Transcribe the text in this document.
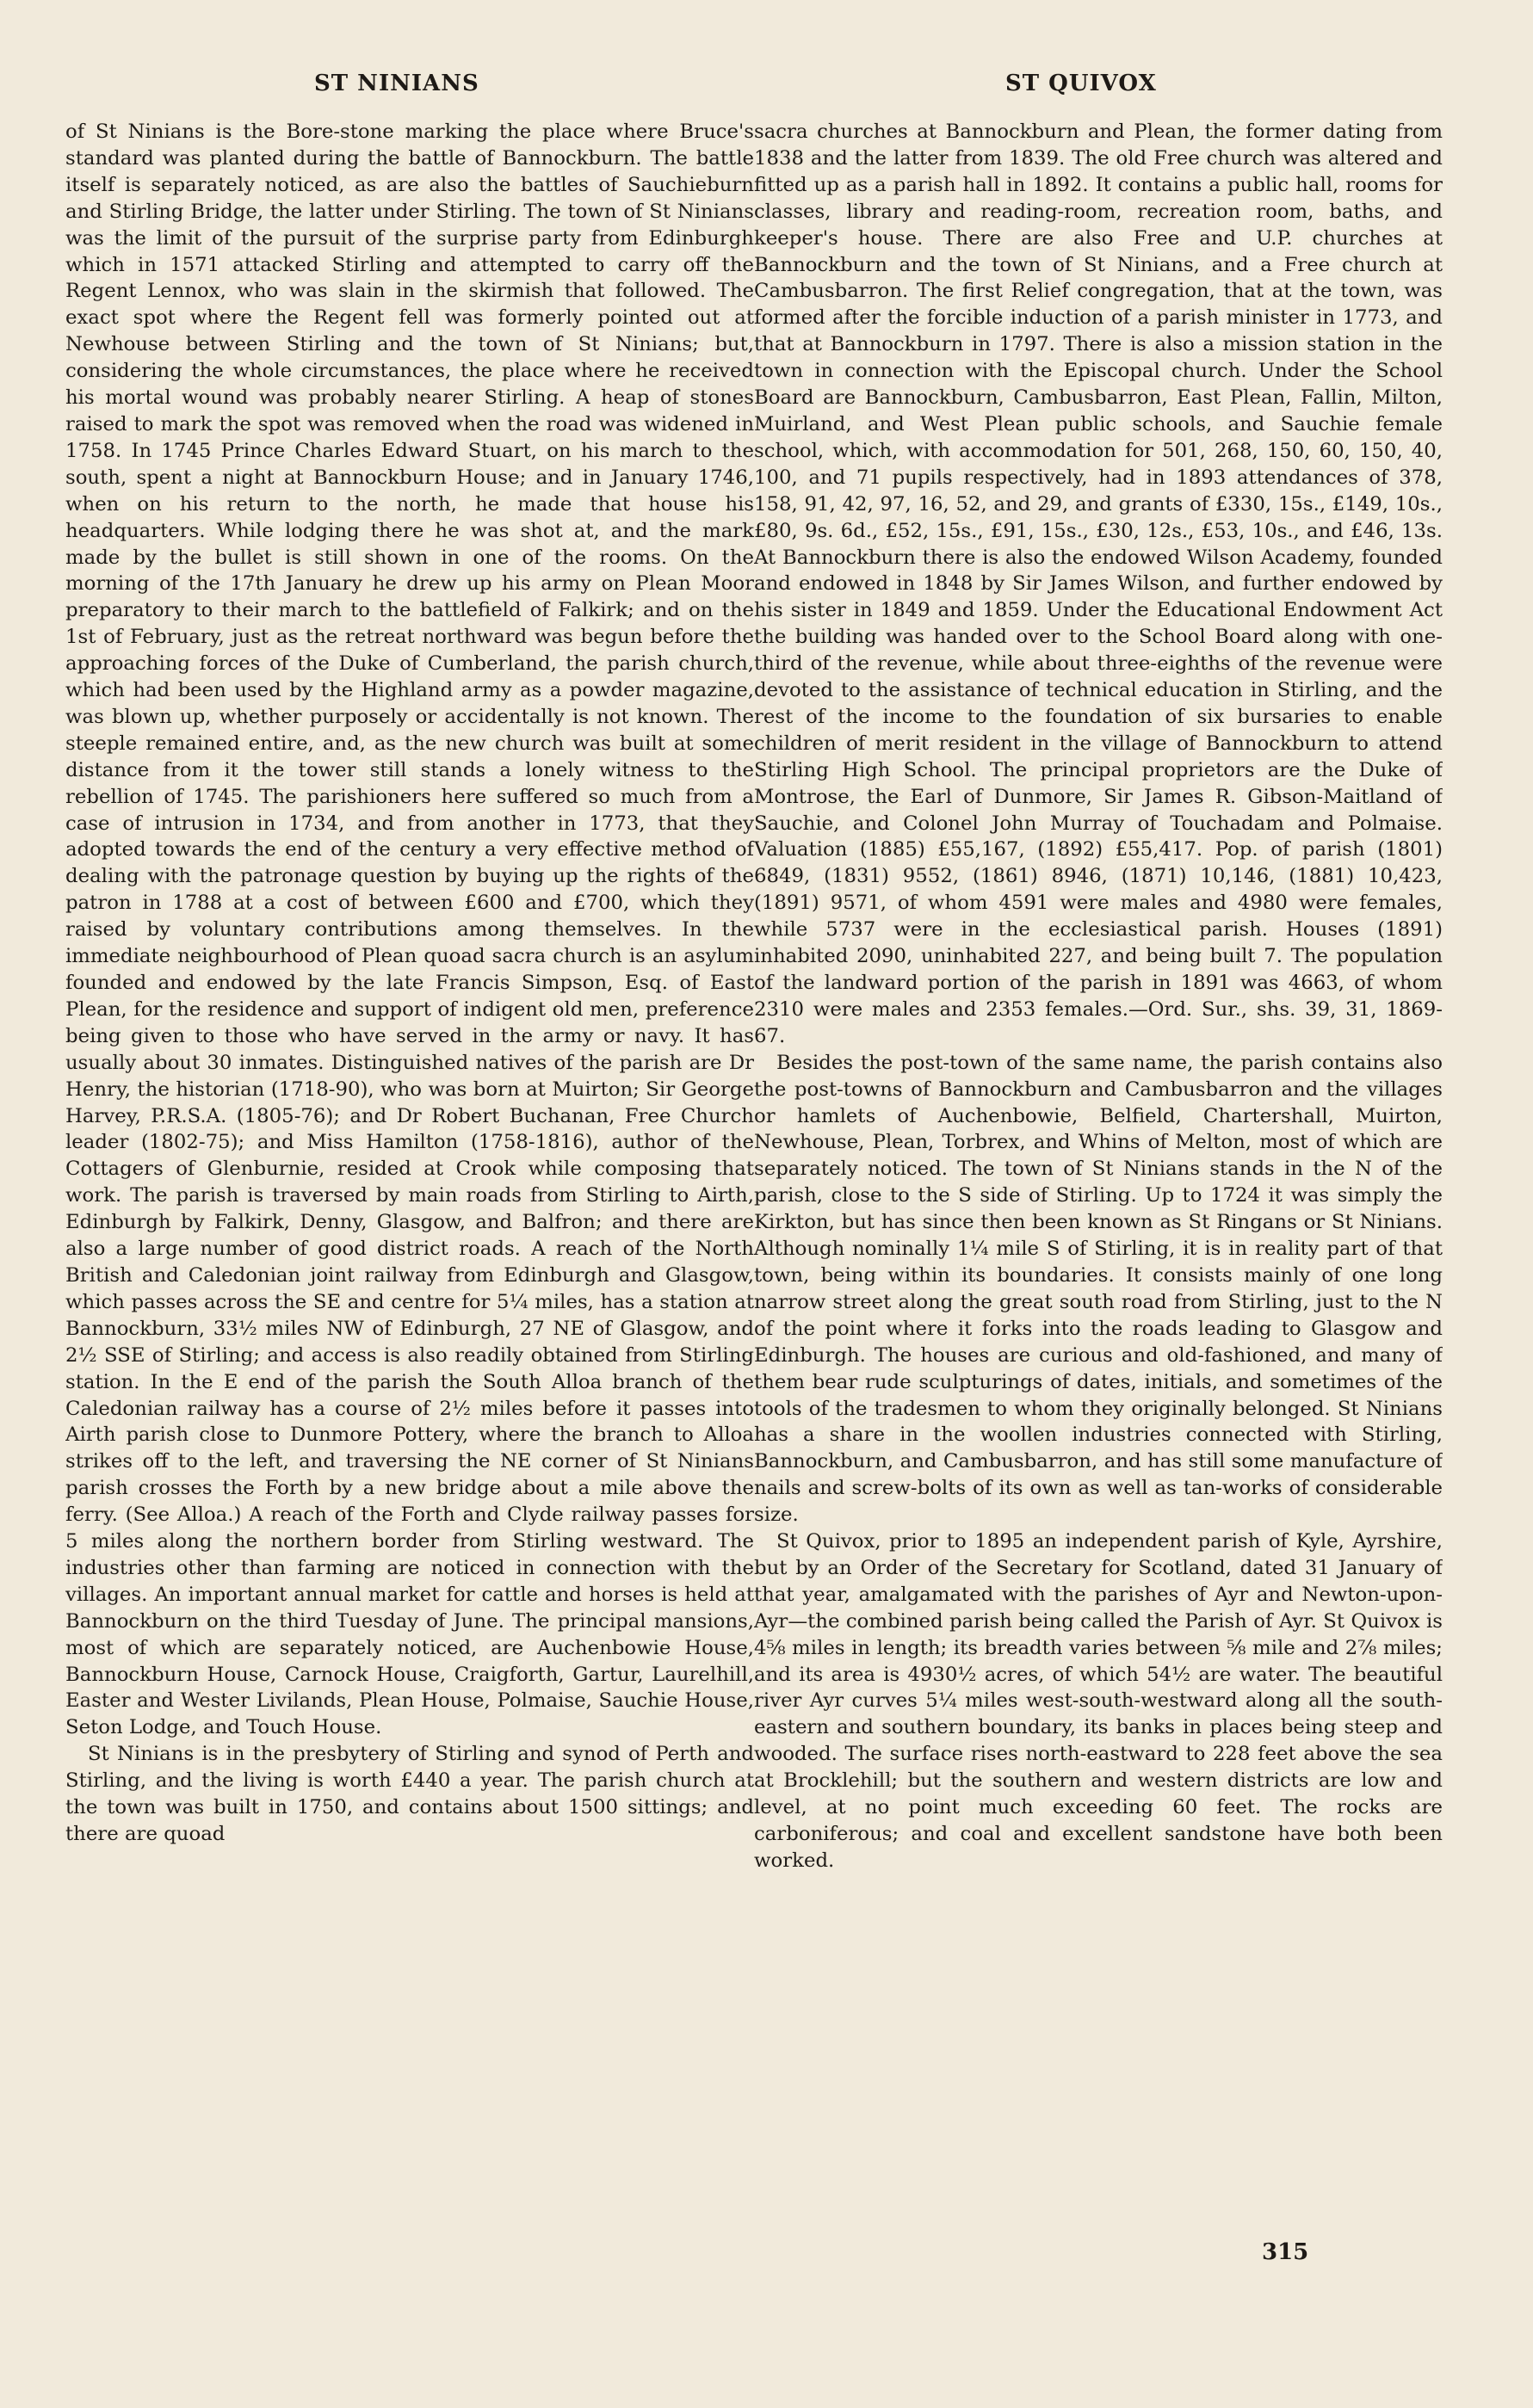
ST NINIANS	ST QUIVOX

of St Ninians is the Bore-stone marking the place where Bruce's standard was planted during the battle of Bannockburn. The battle itself is separately noticed, as are also the battles of Sauchieburn and Stirling Bridge, the latter under Stirling. The town of St Ninians was the limit of the pursuit of the surprise party from Edinburgh which in 1571 attacked Stirling and attempted to carry off the Regent Lennox, who was slain in the skirmish that followed. The exact spot where the Regent fell was formerly pointed out at Newhouse between Stirling and the town of St Ninians; but, considering the whole circumstances, the place where he received his mortal wound was probably nearer Stirling. A heap of stones raised to mark the spot was removed when the road was widened in 1758. In 1745 Prince Charles Edward Stuart, on his march to the south, spent a night at Bannockburn House; and in January 1746, when on his return to the north, he made that house his headquarters. While lodging there he was shot at, and the mark made by the bullet is still shown in one of the rooms. On the morning of the 17th January he drew up his army on Plean Moor preparatory to their march to the battlefield of Falkirk; and on the 1st of February, just as the retreat northward was begun before the approaching forces of the Duke of Cumberland, the parish church, which had been used by the Highland army as a powder magazine, was blown up, whether purposely or accidentally is not known. The steeple remained entire, and, as the new church was built at some distance from it the tower still stands a lonely witness to the rebellion of 1745. The parishioners here suffered so much from a case of intrusion in 1734, and from another in 1773, that they adopted towards the end of the century a very effective method of dealing with the patronage question by buying up the rights of the patron in 1788 at a cost of between £600 and £700, which they raised by voluntary contributions among themselves. In the immediate neighbourhood of Plean quoad sacra church is an asylum founded and endowed by the late Francis Simpson, Esq. of East Plean, for the residence and support of indigent old men, preference being given to those who have served in the army or navy. It has usually about 30 inmates. Distinguished natives of the parish are Dr Henry, the historian (1718-90), who was born at Muirton; Sir George Harvey, P.R.S.A. (1805-76); and Dr Robert Buchanan, Free Church leader (1802-75); and Miss Hamilton (1758-1816), author of the Cottagers of Glenburnie, resided at Crook while composing that work. The parish is traversed by main roads from Stirling to Airth, Edinburgh by Falkirk, Denny, Glasgow, and Balfron; and there are also a large number of good district roads. A reach of the North British and Caledonian joint railway from Edinburgh and Glasgow, which passes across the SE and centre for 5¼ miles, has a station at Bannockburn, 33½ miles NW of Edinburgh, 27 NE of Glasgow, and 2½ SSE of Stirling; and access is also readily obtained from Stirling station. In the E end of the parish the South Alloa branch of the Caledonian railway has a course of 2½ miles before it passes into Airth parish close to Dunmore Pottery, where the branch to Alloa strikes off to the left, and traversing the NE corner of St Ninians parish crosses the Forth by a new bridge about a mile above the ferry. (See Alloa.) A reach of the Forth and Clyde railway passes for 5 miles along the northern border from Stirling westward. The industries other than farming are noticed in connection with the villages. An important annual market for cattle and horses is held at Bannockburn on the third Tuesday of June. The principal mansions, most of which are separately noticed, are Auchenbowie House, Bannockburn House, Carnock House, Craigforth, Gartur, Laurelhill, Easter and Wester Livilands, Plean House, Polmaise, Sauchie House, Seton Lodge, and Touch House.

St Ninians is in the presbytery of Stirling and synod of Perth and Stirling, and the living is worth £440 a year. The parish church at the town was built in 1750, and contains about 1500 sittings; and there are quoad

sacra churches at Bannockburn and Plean, the former dating from 1838 and the latter from 1839. The old Free church was altered and fitted up as a parish hall in 1892. It contains a public hall, rooms for classes, library and reading-room, recreation room, baths, and keeper's house. There are also Free and U.P. churches at Bannockburn and the town of St Ninians, and a Free church at Cambusbarron. The first Relief congregation, that at the town, was formed after the forcible induction of a parish minister in 1773, and that at Bannockburn in 1797. There is also a mission station in the town in connection with the Episcopal church. Under the School Board are Bannockburn, Cambusbarron, East Plean, Fallin, Milton, Muirland, and West Plean public schools, and Sauchie female school, which, with accommodation for 501, 268, 150, 60, 150, 40, 100, and 71 pupils respectively, had in 1893 attendances of 378, 158, 91, 42, 97, 16, 52, and 29, and grants of £330, 15s., £149, 10s., £80, 9s. 6d., £52, 15s., £91, 15s., £30, 12s., £53, 10s., and £46, 13s. At Bannockburn there is also the endowed Wilson Academy, founded and endowed in 1848 by Sir James Wilson, and further endowed by his sister in 1849 and 1859. Under the Educational Endowment Act the building was handed over to the School Board along with one-third of the revenue, while about three-eighths of the revenue were devoted to the assistance of technical education in Stirling, and the rest of the income to the foundation of six bursaries to enable children of merit resident in the village of Bannockburn to attend Stirling High School. The principal proprietors are the Duke of Montrose, the Earl of Dunmore, Sir James R. Gibson-Maitland of Sauchie, and Colonel John Murray of Touchadam and Polmaise. Valuation (1885) £55,167, (1892) £55,417. Pop. of parish (1801) 6849, (1831) 9552, (1861) 8946, (1871) 10,146, (1881) 10,423, (1891) 9571, of whom 4591 were males and 4980 were females, while 5737 were in the ecclesiastical parish. Houses (1891) inhabited 2090, uninhabited 227, and being built 7. The population of the landward portion of the parish in 1891 was 4663, of whom 2310 were males and 2353 females.—Ord. Sur., shs. 39, 31, 1869-67.

Besides the post-town of the same name, the parish contains also the post-towns of Bannockburn and Cambusbarron and the villages or hamlets of Auchenbowie, Belfield, Chartershall, Muirton, Newhouse, Plean, Torbrex, and Whins of Melton, most of which are separately noticed. The town of St Ninians stands in the N of the parish, close to the S side of Stirling. Up to 1724 it was simply the Kirkton, but has since then been known as St Ringans or St Ninians. Although nominally 1¼ mile S of Stirling, it is in reality part of that town, being within its boundaries. It consists mainly of one long narrow street along the great south road from Stirling, just to the N of the point where it forks into the roads leading to Glasgow and Edinburgh. The houses are curious and old-fashioned, and many of them bear rude sculpturings of dates, initials, and sometimes of the tools of the tradesmen to whom they originally belonged. St Ninians has a share in the woollen industries connected with Stirling, Bannockburn, and Cambusbarron, and has still some manufacture of nails and screw-bolts of its own as well as tan-works of considerable size.

St Quivox, prior to 1895 an independent parish of Kyle, Ayrshire, but by an Order of the Secretary for Scotland, dated 31 January of that year, amalgamated with the parishes of Ayr and Newton-upon-Ayr—the combined parish being called the Parish of Ayr. St Quivox is 4⅝ miles in length; its breadth varies between ⅝ mile and 2⅞ miles; and its area is 4930½ acres, of which 54½ are water. The beautiful river Ayr curves 5¼ miles west-south-westward along all the south-eastern and southern boundary, its banks in places being steep and wooded. The surface rises north-eastward to 228 feet above the sea at Brocklehill; but the southern and western districts are low and level, at no point much exceeding 60 feet. The rocks are carboniferous; and coal and excellent sandstone have both been worked.

315
